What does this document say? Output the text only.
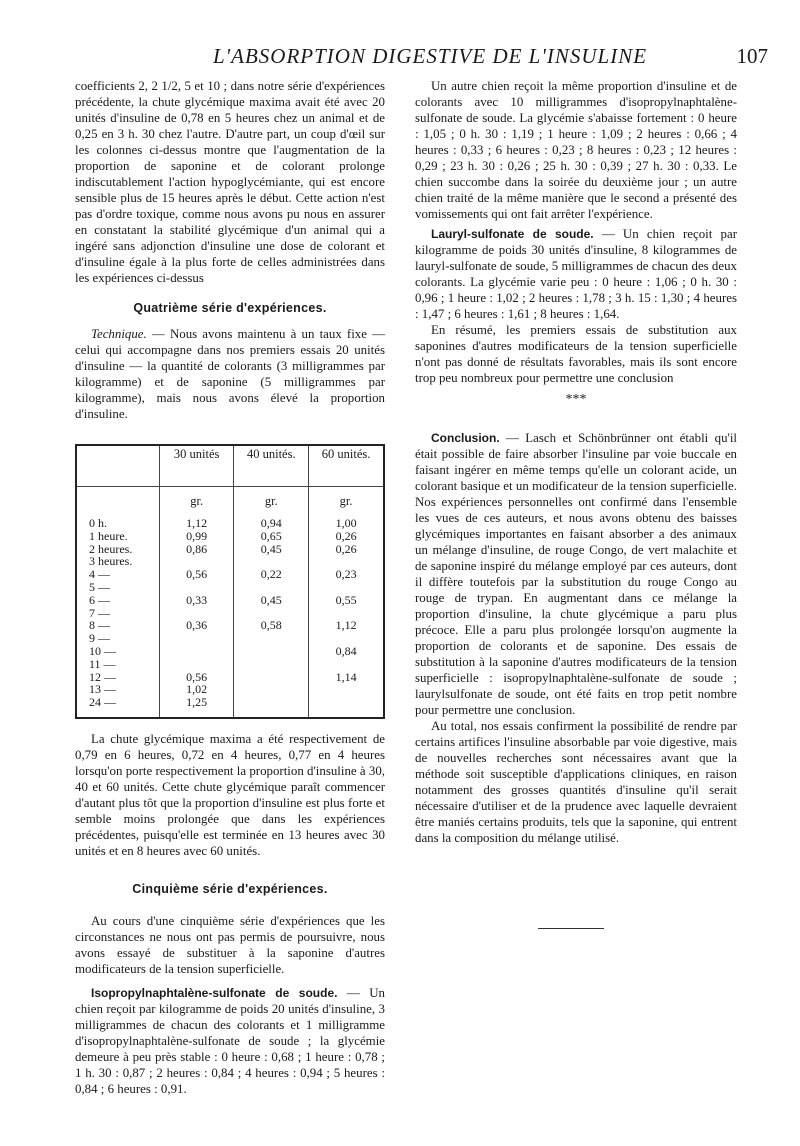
L'ABSORPTION DIGESTIVE DE L'INSULINE	107

coefficients 2, 2 1/2, 5 et 10 ; dans notre série d'expériences précédente, la chute glycémique maxima avait été avec 20 unités d'insuline de 0,78 en 5 heures chez un animal et de 0,25 en 3 h. 30 chez l'autre. D'autre part, un coup d'œil sur les colonnes ci-dessus montre que l'augmentation de la proportion de saponine et de colorant prolonge indiscutablement l'action hypoglycémiante, qui est encore sensible plus de 15 heures après le début. Cette action n'est pas d'ordre toxique, comme nous avons pu nous en assurer en constatant la stabilité glycémique d'un animal qui a ingéré sans adjonction d'insuline une dose de colorant et d'insuline égale à la plus forte de celles administrées dans les expériences ci-dessus

Quatrième série d'expériences.

Technique. — Nous avons maintenu à un taux fixe — celui qui accompagne dans nos premiers essais 20 unités d'insuline — la quantité de colorants (3 milligrammes par kilogramme) et de saponine (5 milligrammes par kilogramme), mais nous avons élevé la proportion d'insuline.

	30 unités	40 unités.	60 unités.
	gr.	gr.	gr.
0 h.	1,12	0,94	1,00
1 heure.	0,99	0,65	0,26
2 heures.	0,86	0,45	0,26
3 heures.			
4 —	0,56	0,22	0,23
5 —			
6 —	0,33	0,45	0,55
7 —			
8 —	0,36	0,58	1,12
9 —			
10 —			0,84
11 —			
12 —	0,56		1,14
13 —	1,02		
24 —	1,25		

La chute glycémique maxima a été respectivement de 0,79 en 6 heures, 0,72 en 4 heures, 0,77 en 4 heures lorsqu'on porte respectivement la proportion d'insuline à 30, 40 et 60 unités. Cette chute glycémique paraît commencer d'autant plus tôt que la proportion d'insuline est plus forte et semble moins prolongée que dans les expériences précédentes, puisqu'elle est terminée en 13 heures avec 30 unités et en 8 heures avec 60 unités.

Cinquième série d'expériences.

Au cours d'une cinquième série d'expériences que les circonstances ne nous ont pas permis de poursuivre, nous avons essayé de substituer à la saponine d'autres modificateurs de la tension superficielle.

Isopropylnaphtalène-sulfonate de soude. — Un chien reçoit par kilogramme de poids 20 unités d'insuline, 3 milligrammes de chacun des colorants et 1 milligramme d'isopropylnaphtalène-sulfonate de soude ; la glycémie demeure à peu près stable : 0 heure : 0,68 ; 1 heure : 0,78 ; 1 h. 30 : 0,87 ; 2 heures : 0,84 ; 4 heures : 0,94 ; 5 heures : 0,84 ; 6 heures : 0,91.

Un autre chien reçoit la même proportion d'insuline et de colorants avec 10 milligrammes d'isopropylnaphtalène-sulfonate de soude. La glycémie s'abaisse fortement : 0 heure : 1,05 ; 0 h. 30 : 1,19 ; 1 heure : 1,09 ; 2 heures : 0,66 ; 4 heures : 0,33 ; 6 heures : 0,23 ; 8 heures : 0,23 ; 12 heures : 0,29 ; 23 h. 30 : 0,26 ; 25 h. 30 : 0,39 ; 27 h. 30 : 0,33. Le chien succombe dans la soirée du deuxième jour ; un autre chien traité de la même manière que le second a présenté des vomissements qui ont fait arrêter l'expérience.

Lauryl-sulfonate de soude. — Un chien reçoit par kilogramme de poids 30 unités d'insuline, 8 kilogrammes de lauryl-sulfonate de soude, 5 milligrammes de chacun des deux colorants. La glycémie varie peu : 0 heure : 1,06 ; 0 h. 30 : 0,96 ; 1 heure : 1,02 ; 2 heures : 1,78 ; 3 h. 15 : 1,30 ; 4 heures : 1,47 ; 6 heures : 1,61 ; 8 heures : 1,64.

En résumé, les premiers essais de substitution aux saponines d'autres modificateurs de la tension superficielle n'ont pas donné de résultats favorables, mais ils sont encore trop peu nombreux pour permettre une conclusion

***

Conclusion. — Lasch et Schönbrünner ont établi qu'il était possible de faire absorber l'insuline par voie buccale en faisant ingérer en même temps qu'elle un colorant acide, un colorant basique et un modificateur de la tension superficielle. Nos expériences personnelles ont confirmé dans l'ensemble les vues de ces auteurs, et nous avons obtenu des baisses glycémiques importantes en faisant absorber a des animaux un mélange d'insuline, de rouge Congo, de vert malachite et de saponine inspiré du mélange employé par ces auteurs, dont il diffère toutefois par la substitution du rouge Congo au rouge de trypan. En augmentant dans ce mélange la proportion d'insuline, la chute glycémique a paru plus précoce. Elle a paru plus prolongée lorsqu'on augmente la proportion de colorants et de saponine. Des essais de substitution à la saponine d'autres modificateurs de la tension superficielle : isopropylnaphtalène-sulfonate de soude ; laurylsulfonate de soude, ont été faits en trop petit nombre pour permettre une conclusion.

Au total, nos essais confirment la possibilité de rendre par certains artifices l'insuline absorbable par voie digestive, mais de nouvelles recherches sont nécessaires avant que la méthode soit susceptible d'applications cliniques, en raison notamment des grosses quantités d'insuline qu'il serait nécessaire d'utiliser et de la prudence avec laquelle devraient être maniés certains produits, tels que la saponine, qui entrent dans la composition du mélange utilisé.
